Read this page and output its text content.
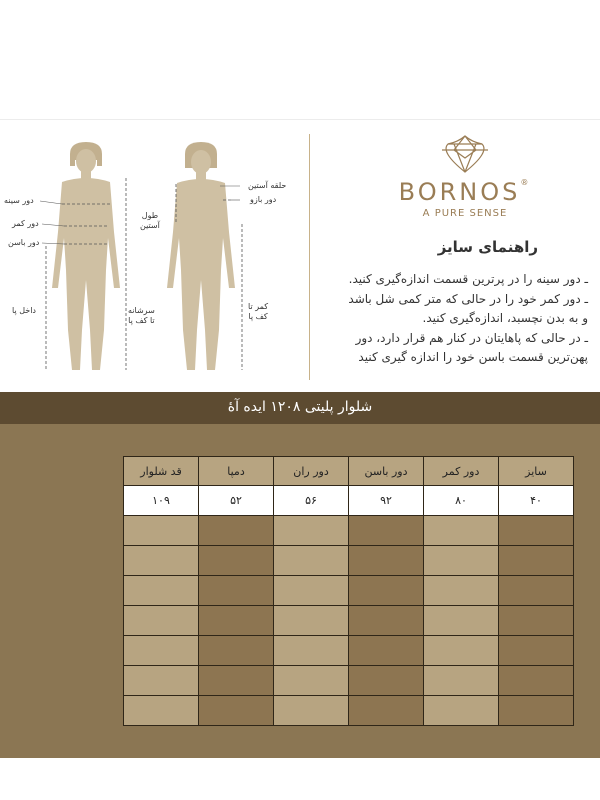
دور سینه
دور کمر
دور باسن
داخل پا	سرشانه
تا کف پا
حلقه آستین
دور بازو
طول
آستین
کمر تا
کف پا
BORNOS®
A PURE SENSE
راهنمای سایز

ـ دور سینه را در پرترین قسمت اندازه‌گیری کنید.

ـ دور کمر خود را در حالی که متر کمی شل باشد

و به بدن نچسبد، اندازه‌گیری کنید.

ـ در حالی که پاهایتان در کنار هم قرار دارد، دور

پهن‌ترین قسمت باسن خود را اندازه گیری کنید

شلوار پلیتی ۱۲۰۸ ایده آهٔ
سایز	دور کمر	دور باسن	دور ران	دمپا	قد شلوار
۴۰	۸۰	۹۲	۵۶	۵۲	۱۰۹
